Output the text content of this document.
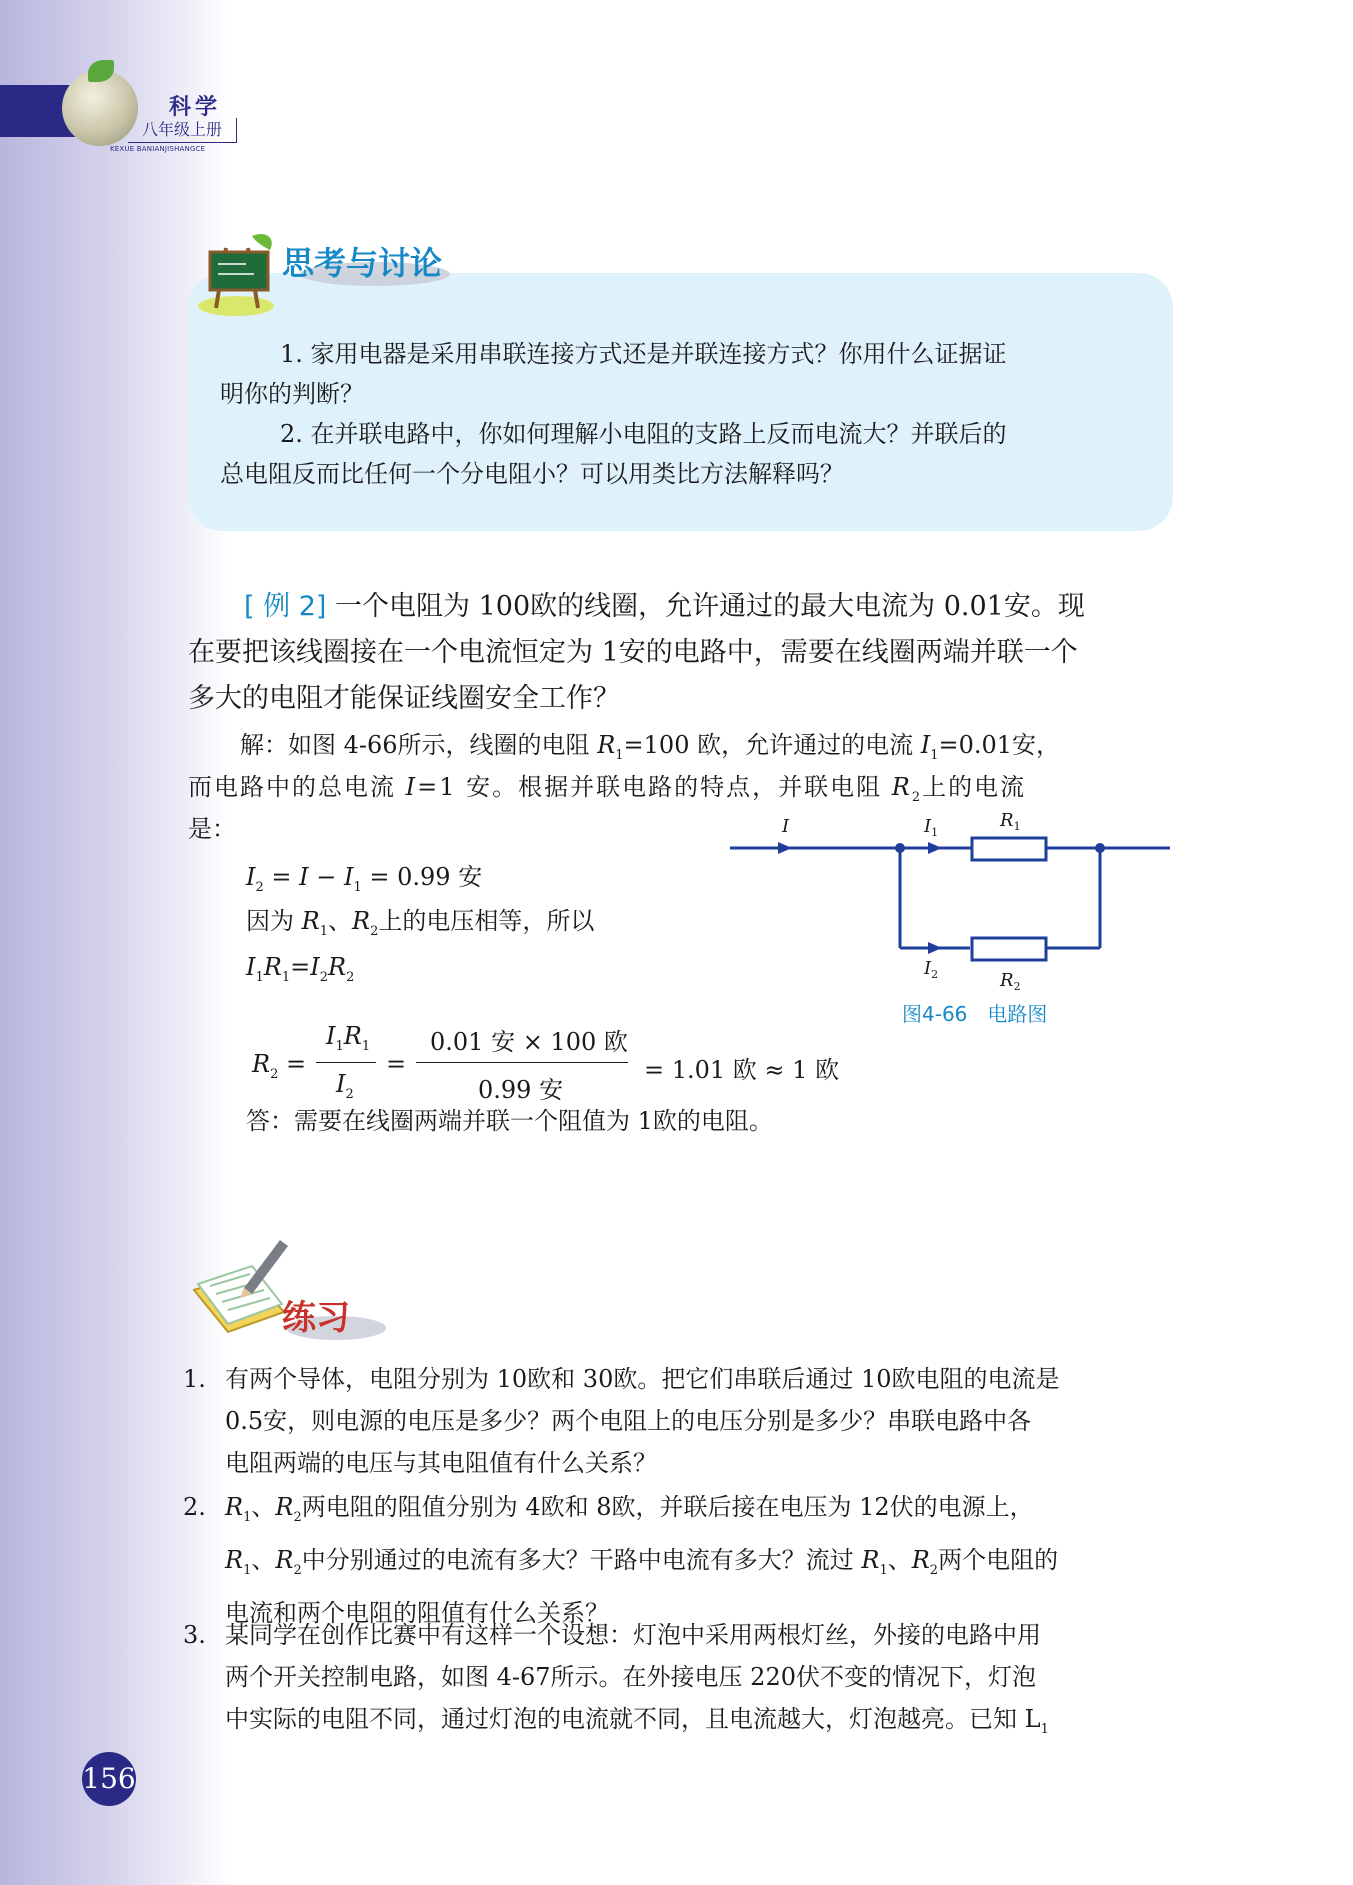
科学
八年级上册
KEXUE BANIANJISHANGCE
思考与讨论

1. 家用电器是采用串联连接方式还是并联连接方式？你用什么证据证

明你的判断？

2. 在并联电路中，你如何理解小电阻的支路上反而电流大？并联后的

总电阻反而比任何一个分电阻小？可以用类比方法解释吗？

[ 例 2] 一个电阻为 100欧的线圈，允许通过的最大电流为 0.01安。现

在要把该线圈接在一个电流恒定为 1安的电路中，需要在线圈两端并联一个

多大的电阻才能保证线圈安全工作？

解：如图 4-66所示，线圈的电阻 $R_1=100$ 欧，允许通过的电流 $I_1=0.01$安，

而电路中的总电流 I=1 安。根据并联电路的特点，并联电阻 $R_2$上的电流

是：

$I_2 = I - I_1 = 0.99$ 安

因为 $R_1$、$R_2$上的电压相等，所以

$I_1R_1=I_2R_2$

$R_2$ =
$I_1R_1$
$I_2$
=
0.01 安 × 100 欧
0.99 安
= 1.01 欧 ≈ 1 欧

答：需要在线圈两端并联一个阻值为 1欧的电阻。

I	$I_1$
$R_1$
$I_2$	$R_2$
图4-66　电路图
练习
1. 有两个导体，电阻分别为 10欧和 30欧。把它们串联后通过 10欧电阻的电流是
0.5安，则电源的电压是多少？两个电阻上的电压分别是多少？串联电路中各
电阻两端的电压与其电阻值有什么关系？
2. $R_1$、$R_2$两电阻的阻值分别为 4欧和 8欧，并联后接在电压为 12伏的电源上，
$R_1$、$R_2$中分别通过的电流有多大？干路中电流有多大？流过 $R_1$、$R_2$两个电阻的
电流和两个电阻的阻值有什么关系？
3. 某同学在创作比赛中有这样一个设想：灯泡中采用两根灯丝，外接的电路中用
两个开关控制电路，如图 4-67所示。在外接电压 220伏不变的情况下，灯泡
中实际的电阻不同，通过灯泡的电流就不同，且电流越大，灯泡越亮。已知 $L_1$
156
